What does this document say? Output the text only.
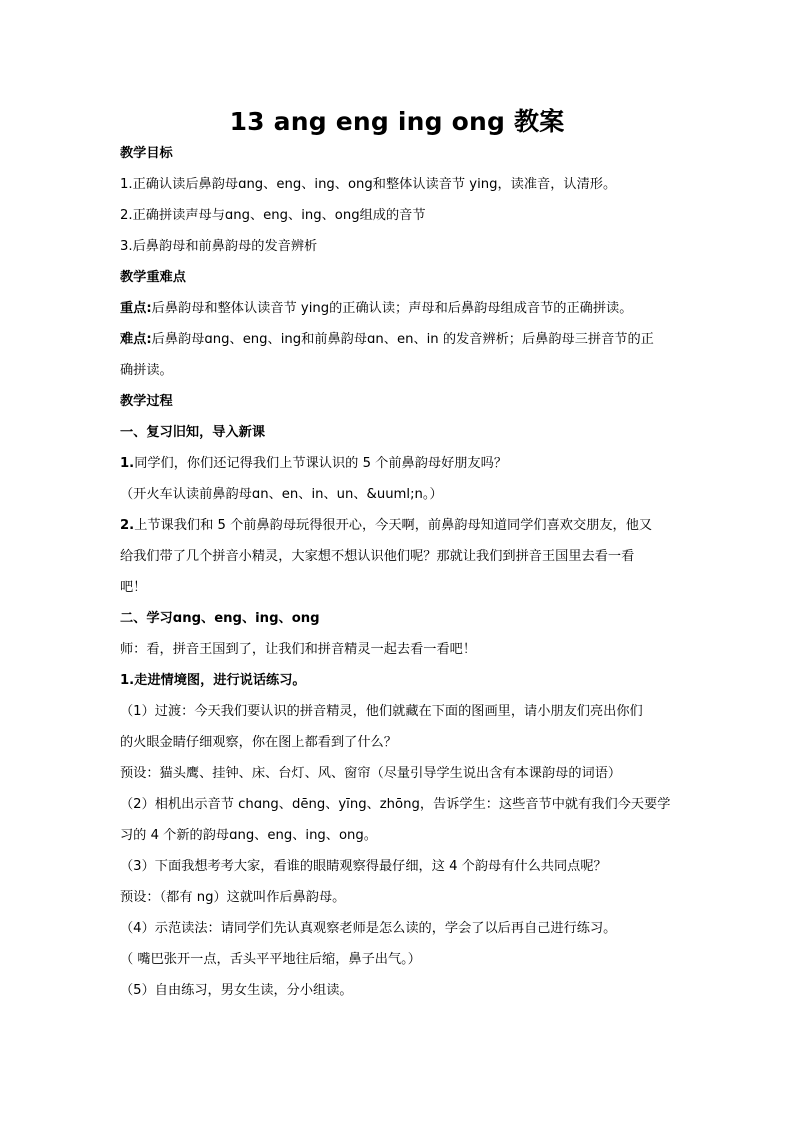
13 ang eng ing ong 教案
教学目标
1.正确认读后鼻韵母ɑng、eng、ing、ong和整体认读音节 ying，读准音，认清形。
2.正确拼读声母与ɑng、eng、ing、ong组成的音节
3.后鼻韵母和前鼻韵母的发音辨析
教学重难点
重点:后鼻韵母和整体认读音节 ying的正确认读；声母和后鼻韵母组成音节的正确拼读。
难点:后鼻韵母ɑng、eng、ing和前鼻韵母ɑn、en、in 的发音辨析；后鼻韵母三拼音节的正
确拼读。
教学过程
一、复习旧知，导入新课
1.同学们，你们还记得我们上节课认识的 5 个前鼻韵母好朋友吗？
（开火车认读前鼻韵母ɑn、en、in、un、&uuml;n。）
2.上节课我们和 5 个前鼻韵母玩得很开心，今天啊，前鼻韵母知道同学们喜欢交朋友，他又
给我们带了几个拼音小精灵，大家想不想认识他们呢？那就让我们到拼音王国里去看一看
吧！
二、学习ɑng、eng、ing、ong
师：看，拼音王国到了，让我们和拼音精灵一起去看一看吧！
1.走进情境图，进行说话练习。
（1）过渡：今天我们要认识的拼音精灵，他们就藏在下面的图画里，请小朋友们亮出你们
的火眼金睛仔细观察，你在图上都看到了什么？
预设：猫头鹰、挂钟、床、台灯、风、窗帘（尽量引导学生说出含有本课韵母的词语）
（2）相机出示音节 chɑng、dēng、yīng、zhōng，告诉学生：这些音节中就有我们今天要学
习的 4 个新的韵母ɑng、eng、ing、ong。
（3）下面我想考考大家，看谁的眼睛观察得最仔细，这 4 个韵母有什么共同点呢？
预设：（都有 ng）这就叫作后鼻韵母。
（4）示范读法：请同学们先认真观察老师是怎么读的，学会了以后再自己进行练习。
（ 嘴巴张开一点，舌头平平地往后缩，鼻子出气。）
（5）自由练习，男女生读，分小组读。
